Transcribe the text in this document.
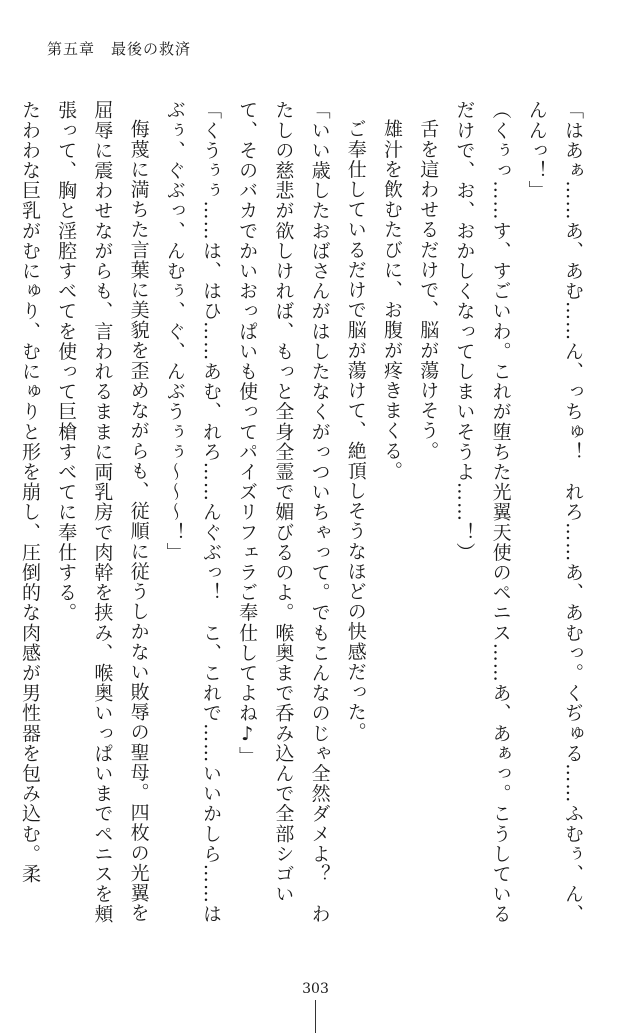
第五章　最後の救済

「はあぁ……あ、あむ……ん、っちゅ！　れろ……あ、あむっ。くぢゅる……ふむぅ、ん、んんっ！」

（くぅっ……す、すごいわ。これが堕ちた光翼天使のペニス……あ、あぁっ。こうしているだけで、お、おかしくなってしまいそうよ……！）

舌を這わせるだけで、脳が蕩けそう。

雄汁を飲むたびに、お腹が疼きまくる。

ご奉仕しているだけで脳が蕩けて、絶頂しそうなほどの快感だった。

「いい歳したおばさんがはしたなくがっついちゃって。でもこんなのじゃ全然ダメよ？　わたしの慈悲が欲しければ、もっと全身全霊で媚びるのよ。喉奥まで呑み込んで全部シゴいて、そのバカでかいおっぱいも使ってパイズリフェラご奉仕してよね♪」

「くうぅぅ……は、はひ……あむ、れろ……んぐぶっ！　こ、これで……いいかしら……はぶぅ、ぐぶっ、んむぅ、ぐ、んぶうぅぅ～～～！」

侮蔑に満ちた言葉に美貌を歪めながらも、従順に従うしかない敗辱の聖母。四枚の光翼を屈辱に震わせながらも、言われるままに両乳房で肉幹を挟み、喉奥いっぱいまでペニスを頬張って、胸と淫腔すべてを使って巨槍すべてに奉仕する。

たわわな巨乳がむにゅり、むにゅりと形を崩し、圧倒的な肉感が男性器を包み込む。柔

303
